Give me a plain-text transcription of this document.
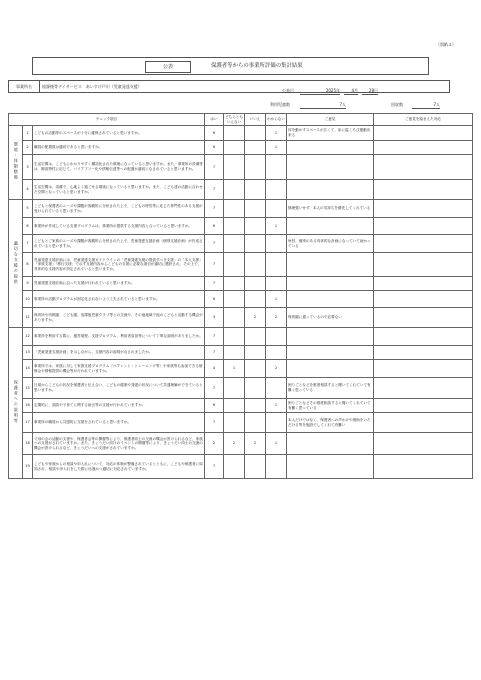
（別紙４）
公表	保護者等からの事業所評価の集計結果
事業所名	放課後等デイサービス　あいすけ戸川（児童発達支援）
公表日	2025年	4月	28日
利用児童数	7人	回収数	7人
チェック項目			はい	どちらともいえない	いいえ	わからない	ご意見	ご意見を踏まえた対応
環境・体制整備	1	こどもの活動等のスペースが十分に確保されていると思いますか。	6			1	体を動かすスペースが広くて、床に寝ころび運動出来る	
	2	職員の配置数は適切であると思いますか。	6			1		
	3	生活空間は、こどもにわかりやすく構造化された環境になっていると思いますか。また、事業所の設備等は、障害特性に応じて、バリアフリー化や情報伝達等への配慮が適切になされていると思いますか。	7					
	4	生活空間は、清潔で、心地よく過ごせる環境になっていると思いますか。また、こども達の活動に合わせた空間となっていると思いますか。	7					
適切な支援の提供	5	こどもと保護者のニーズや課題が客観的に分析された上で、こどもの特性等に応じた専門性のある支援が受けられていると思いますか。	7				無理強いせず、本人の気持ちを優先してくれている	
	6	事業所が作成している支援プログラムは、事業所の提供する支援内容と合っていると思いますか。	6			1		
	7	こどもとご家族のニーズや課題が客観的に分析された上で、児童発達支援計画（個別支援計画）が作成されていると思いますか。	7				毎回、個別のある具体的な計画になっていて助かっている	
	8	児童発達支援計画には、児童発達支援ガイドラインの「児童発達支援の提供すべき支援」の「本人支援」「家族支援」「移行支援」で示す支援内容からこどもの支援に必要な項目が適切に選択され、その上で、具体的な支援内容が設定されていると思いますか。	7					
	9	児童発達支援計画に沿った支援が行われていると思いますか。	7					
	10	事業所の活動プログラムが固定化されないよう工夫されていると思いますか。	6			1		
	11	保育所や幼稚園、こども園、放課後児童クラブ等との交流や、その他地域で他のこどもと活動する機会がありますか。	3		2	2	保育園に通っているので必要ない	
保護者への説明等	12	事業所を利用する際に、運営規程、支援プログラム、利用者負担等について丁寧な説明がありましたか。	7					
	13	「児童発達支援計画」を示しながら、支援内容の説明がなされましたか。	7					
	14	事業所では、家族に対して家族支援プログラム（ペアレント・トレーニング等）や家族等も参加できる研修会や情報提供の機会等が行われていますか。	4	1		2		
	15	日頃からこどもの状況を保護者と伝え合い、こどもの健康や発達の状況について共通理解ができていると思いますか。	7				困りごとなどを都度相談すると聞いてくれていて有難く思っている	
	16	定期的に、面談や子育てに関する助言等の支援が行われていますか。	6			1	困りごとなどその都度相談すると聞いてくれていて有難く思っている	
	17	事業所の職員から共感的に支援をされていると思いますか。	7				本人だけではなく、保護者への声かけや援助をいただける等を施設でしてくれて有難い	
	18	父母の会の活動の支援や、保護者会等の開催等により、保護者同士の交流の機会が設けられるなど、家族への支援がされていますか。また、きょうだい向けのイベントの開催等により、きょうだい同士の交流の機会が設けられるなど、きょうだいへの支援がされていますか。	2	2	2	1		
	19	こどもや家族からの相談や申入れについて、対応の体制が整備されているとともに、こどもや保護者に周知され、相談や申入れをした際に迅速かつ適切に対応されていますか。	7					
